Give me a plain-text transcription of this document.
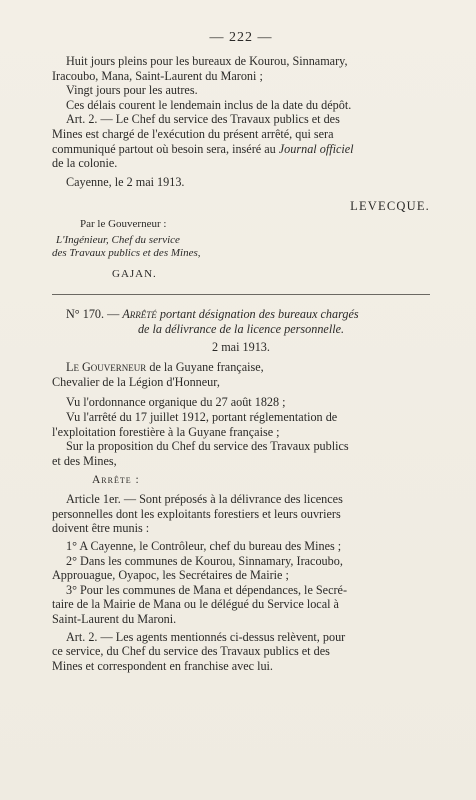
— 222 —

Huit jours pleins pour les bureaux de Kourou, Sinnamary,

Iracoubo, Mana, Saint-Laurent du Maroni ;

Vingt jours pour les autres.

Ces délais courent le lendemain inclus de la date du dépôt.

Art. 2. — Le Chef du service des Travaux publics et des

Mines est chargé de l'exécution du présent arrêté, qui sera

communiqué partout où besoin sera, inséré au Journal officiel

de la colonie.

Cayenne, le 2 mai 1913.

LEVECQUE.
Par le Gouverneur :
L'Ingénieur, Chef du service
des Travaux publics et des Mines,
GAJAN.

N° 170. — Arrêté portant désignation des bureaux chargés

de la délivrance de la licence personnelle.

2 mai 1913.

Le Gouverneur de la Guyane française,

Chevalier de la Légion d'Honneur,

Vu l'ordonnance organique du 27 août 1828 ;

Vu l'arrêté du 17 juillet 1912, portant réglementation de

l'exploitation forestière à la Guyane française ;

Sur la proposition du Chef du service des Travaux publics

et des Mines,

Arrête :

Article 1er. — Sont préposés à la délivrance des licences

personnelles dont les exploitants forestiers et leurs ouvriers

doivent être munis :

1° A Cayenne, le Contrôleur, chef du bureau des Mines ;

2° Dans les communes de Kourou, Sinnamary, Iracoubo,

Approuague, Oyapoc, les Secrétaires de Mairie ;

3° Pour les communes de Mana et dépendances, le Secré-

taire de la Mairie de Mana ou le délégué du Service local à

Saint-Laurent du Maroni.

Art. 2. — Les agents mentionnés ci-dessus relèvent, pour

ce service, du Chef du service des Travaux publics et des

Mines et correspondent en franchise avec lui.
